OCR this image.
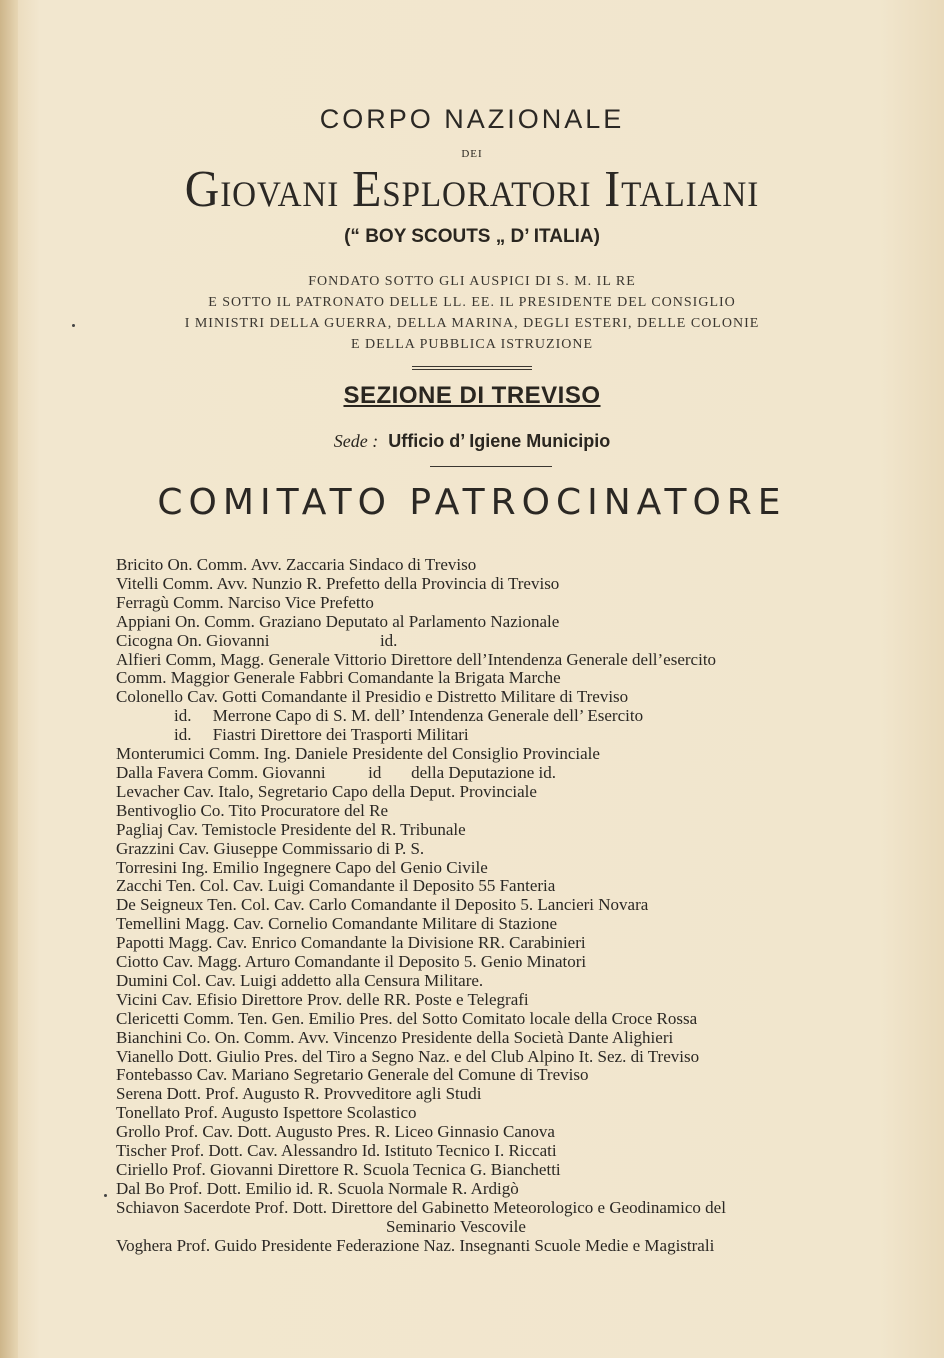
CORPO NAZIONALE
DEI
Giovani Esploratori Italiani
(“ BOY SCOUTS „ D’ ITALIA)
FONDATO SOTTO GLI AUSPICI DI S. M. IL RE
E SOTTO IL PATRONATO DELLE LL. EE. IL PRESIDENTE DEL CONSIGLIO
I MINISTRI DELLA GUERRA, DELLA MARINA, DEGLI ESTERI, DELLE COLONIE
E DELLA PUBBLICA ISTRUZIONE
SEZIONE DI TREVISO
Sede : Ufficio d’ Igiene Municipio
COMITATO PATROCINATORE
Bricito On. Comm. Avv. Zaccaria Sindaco di Treviso
Vitelli Comm. Avv. Nunzio R. Prefetto della Provincia di Treviso
Ferragù Comm. Narciso Vice Prefetto
Appiani On. Comm. Graziano Deputato al Parlamento Nazionale
Cicogna On. Giovanni                          id.
Alfieri Comm, Magg. Generale Vittorio Direttore dell’Intendenza Generale dell’esercito
Comm. Maggior Generale Fabbri Comandante la Brigata Marche
Colonello Cav. Gotti Comandante il Presidio e Distretto Militare di Treviso
id.     Merrone Capo di S. M. dell’ Intendenza Generale dell’ Esercito
id.     Fiastri Direttore dei Trasporti Militari
Monterumici Comm. Ing. Daniele Presidente del Consiglio Provinciale
Dalla Favera Comm. Giovanni          id       della Deputazione id.
Levacher Cav. Italo, Segretario Capo della Deput. Provinciale
Bentivoglio Co. Tito Procuratore del Re
Pagliaj Cav. Temistocle Presidente del R. Tribunale
Grazzini Cav. Giuseppe Commissario di P. S.
Torresini Ing. Emilio Ingegnere Capo del Genio Civile
Zacchi Ten. Col. Cav. Luigi Comandante il Deposito 55 Fanteria
De Seigneux Ten. Col. Cav. Carlo Comandante il Deposito 5. Lancieri Novara
Temellini Magg. Cav. Cornelio Comandante Militare di Stazione
Papotti Magg. Cav. Enrico Comandante la Divisione RR. Carabinieri
Ciotto Cav. Magg. Arturo Comandante il Deposito 5. Genio Minatori
Dumini Col. Cav. Luigi addetto alla Censura Militare.
Vicini Cav. Efisio Direttore Prov. delle RR. Poste e Telegrafi
Clericetti Comm. Ten. Gen. Emilio Pres. del Sotto Comitato locale della Croce Rossa
Bianchini Co. On. Comm. Avv. Vincenzo Presidente della Società Dante Alighieri
Vianello Dott. Giulio Pres. del Tiro a Segno Naz. e del Club Alpino It. Sez. di Treviso
Fontebasso Cav. Mariano Segretario Generale del Comune di Treviso
Serena Dott. Prof. Augusto R. Provveditore agli Studi
Tonellato Prof. Augusto Ispettore Scolastico
Grollo Prof. Cav. Dott. Augusto Pres. R. Liceo Ginnasio Canova
Tischer Prof. Dott. Cav. Alessandro Id. Istituto Tecnico I. Riccati
Ciriello Prof. Giovanni Direttore R. Scuola Tecnica G. Bianchetti
Dal Bo Prof. Dott. Emilio id. R. Scuola Normale R. Ardigò
Schiavon Sacerdote Prof. Dott. Direttore del Gabinetto Meteorologico e Geodinamico del
Seminario Vescovile
Voghera Prof. Guido Presidente Federazione Naz. Insegnanti Scuole Medie e Magistrali
